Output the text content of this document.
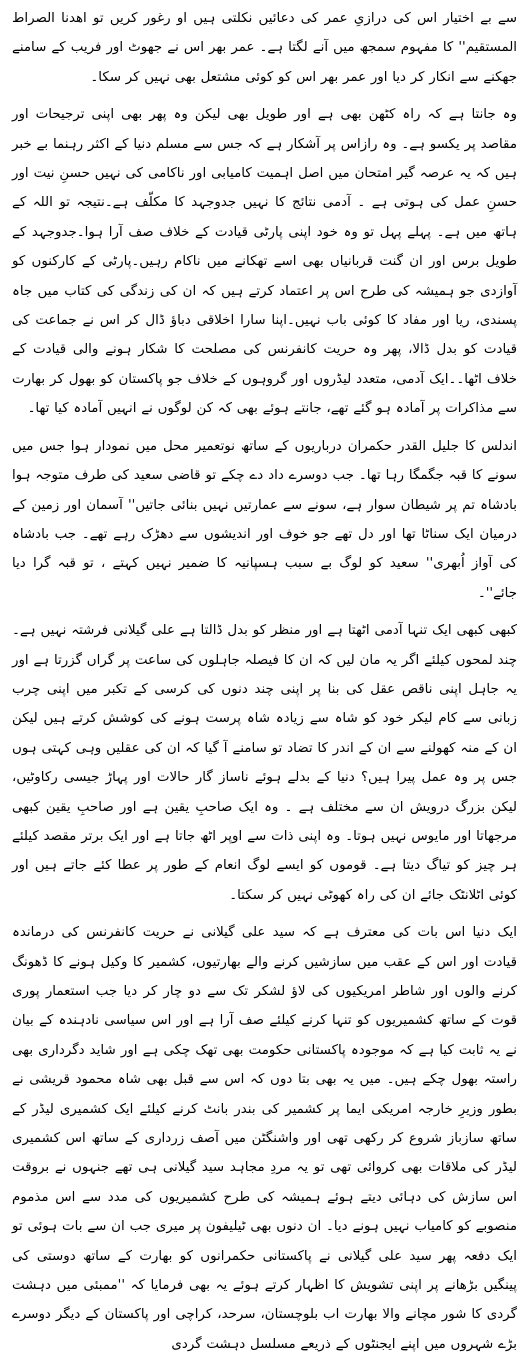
سے بے اختیار اس کی درازیِ عمر کی دعائیں نکلتی ہیں او رغور کریں تو اھدنا الصراط المستقیم'' کا مفہوم سمجھ میں آنے لگتا ہے۔ عمر بھر اس نے جھوٹ اور فریب کے سامنے جھکنے سے انکار کر دیا اور عمر بھر اس کو کوئی مشتعل بھی نہیں کر سکا۔

وہ جانتا ہے کہ راہ کٹھن بھی ہے اور طویل بھی لیکن وہ پھر بھی اپنی ترجیحات اور مقاصد پر یکسو ہے۔ وہ رازاس پر آشکار ہے کہ جس سے مسلم دنیا کے اکثر رہنما بے خبر ہیں کہ یہ عرصہ گیر امتحان میں اصل اہمیت کامیابی اور ناکامی کی نہیں حسنِ نیت اور حسنِ عمل کی ہوتی ہے ۔ آدمی نتائج کا نہیں جدوجہد کا مکلّف ہے۔نتیجہ تو اللہ کے ہاتھ میں ہے۔ پہلے پہل تو وہ خود اپنی پارٹی قیادت کے خلاف صف آرا ہوا۔جدوجہد کے طویل برس اور ان گنت قربانیاں بھی اسے تھکانے میں ناکام رہیں۔پارٹی کے کارکنوں کو آوازدی جو ہمیشہ کی طرح اس پر اعتماد کرتے ہیں کہ ان کی زندگی کی کتاب میں جاہ پسندی، ریا اور مفاد کا کوئی باب نہیں۔اپنا سارا اخلاقی دباؤ ڈال کر اس نے جماعت کی قیادت کو بدل ڈالا، پھر وہ حریت کانفرنس کی مصلحت کا شکار ہونے والی قیادت کے خلاف اٹھا۔۔ایک آدمی، متعدد لیڈروں اور گروہوں کے خلاف جو پاکستان کو بھول کر بھارت سے مذاکرات پر آمادہ ہو گئے تھے، جانتے ہوئے بھی کہ کن لوگوں نے انہیں آمادہ کیا تھا۔

اندلس کا جلیل القدر حکمران درباریوں کے ساتھ نوتعمیر محل میں نمودار ہوا جس میں سونے کا قبہ جگمگا رہا تھا۔ جب دوسرے داد دے چکے تو قاضی سعید کی طرف متوجہ ہوا بادشاہ تم پر شیطان سوار ہے، سونے سے عمارتیں نہیں بنائی جاتیں'' آسمان اور زمین کے درمیان ایک سناٹا تھا اور دل تھے جو خوف اور اندیشوں سے دھڑک رہے تھے۔ جب بادشاہ کی آواز اُبھری'' سعید کو لوگ بے سبب ہسپانیہ کا ضمیر نہیں کہتے ، تو قبہ گرا دیا جائے''۔

کبھی کبھی ایک تنہا آدمی اٹھتا ہے اور منظر کو بدل ڈالتا ہے علی گیلانی فرشتہ نہیں ہے۔ چند لمحوں کیلئے اگر یہ مان لیں کہ ان کا فیصلہ جاہلوں کی ساعت پر گراں گزرتا ہے اور یہ جاہل اپنی ناقص عقل کی بنا پر اپنی چند دنوں کی کرسی کے تکبر میں اپنی چرب زبانی سے کام لیکر خود کو شاہ سے زیادہ شاہ پرست ہونے کی کوشش کرتے ہیں لیکن ان کے منہ کھولنے سے ان کے اندر کا تضاد تو سامنے آ گیا کہ ان کی عقلیں وہی کہتی ہوں جس پر وہ عمل پیرا ہیں؟ دنیا کے بدلے ہوئے ناساز گار حالات اور پہاڑ جیسی رکاوٹیں، لیکن بزرگ درویش ان سے مختلف ہے ۔ وہ ایک صاحبِ یقین ہے اور صاحبِ یقین کبھی مرجھاتا اور مایوس نہیں ہوتا۔ وہ اپنی ذات سے اوپر اٹھ جاتا ہے اور ایک برتر مقصد کیلئے ہر چیز کو تیاگ دیتا ہے۔ قوموں کو ایسے لوگ انعام کے طور پر عطا کئے جاتے ہیں اور کوئی اٹلانٹک جائے ان کی راہ کھوٹی نہیں کر سکتا۔

ایک دنیا اس بات کی معترف ہے کہ سید علی گیلانی نے حریت کانفرنس کی درماندہ قیادت اور اس کے عقب میں سازشیں کرنے والے بھارتیوں، کشمیر کا وکیل ہونے کا ڈھونگ کرنے والوں اور شاطر امریکیوں کی لاؤ لشکر تک سے دو چار کر دیا جب استعمار پوری قوت کے ساتھ کشمیریوں کو تنہا کرنے کیلئے صف آرا ہے اور اس سیاسی نادہندہ کے بیان نے یہ ثابت کیا ہے کہ موجودہ پاکستانی حکومت بھی تھک چکی ہے اور شاید دگرداری بھی راستہ بھول چکے ہیں۔ میں یہ بھی بتا دوں کہ اس سے قبل بھی شاہ محمود قریشی نے بطور وزیرِ خارجہ امریکی ایما پر کشمیر کی بندر بانٹ کرنے کیلئے ایک کشمیری لیڈر کے ساتھ سازباز شروع کر رکھی تھی اور واشنگٹن میں آصف زرداری کے ساتھ اس کشمیری لیڈر کی ملاقات بھی کروائی تھی تو یہ مردِ مجاہد سید گیلانی ہی تھے جنہوں نے بروقت اس سازش کی دہائی دیتے ہوئے ہمیشہ کی طرح کشمیریوں کی مدد سے اس مذموم منصوبے کو کامیاب نہیں ہونے دیا۔ ان دنوں بھی ٹیلیفون پر میری جب ان سے بات ہوئی تو ایک دفعہ پھر سید علی گیلانی نے پاکستانی حکمرانوں کو بھارت کے ساتھ دوستی کی پینگیں بڑھانے پر اپنی تشویش کا اظہار کرتے ہوئے یہ بھی فرمایا کہ ''ممبئی میں دہشت گردی کا شور مچانے والا بھارت اب بلوچستان، سرحد، کراچی اور پاکستان کے دیگر دوسرے بڑے شہروں میں اپنے ایجنٹوں کے ذریعے مسلسل دہشت گردی
